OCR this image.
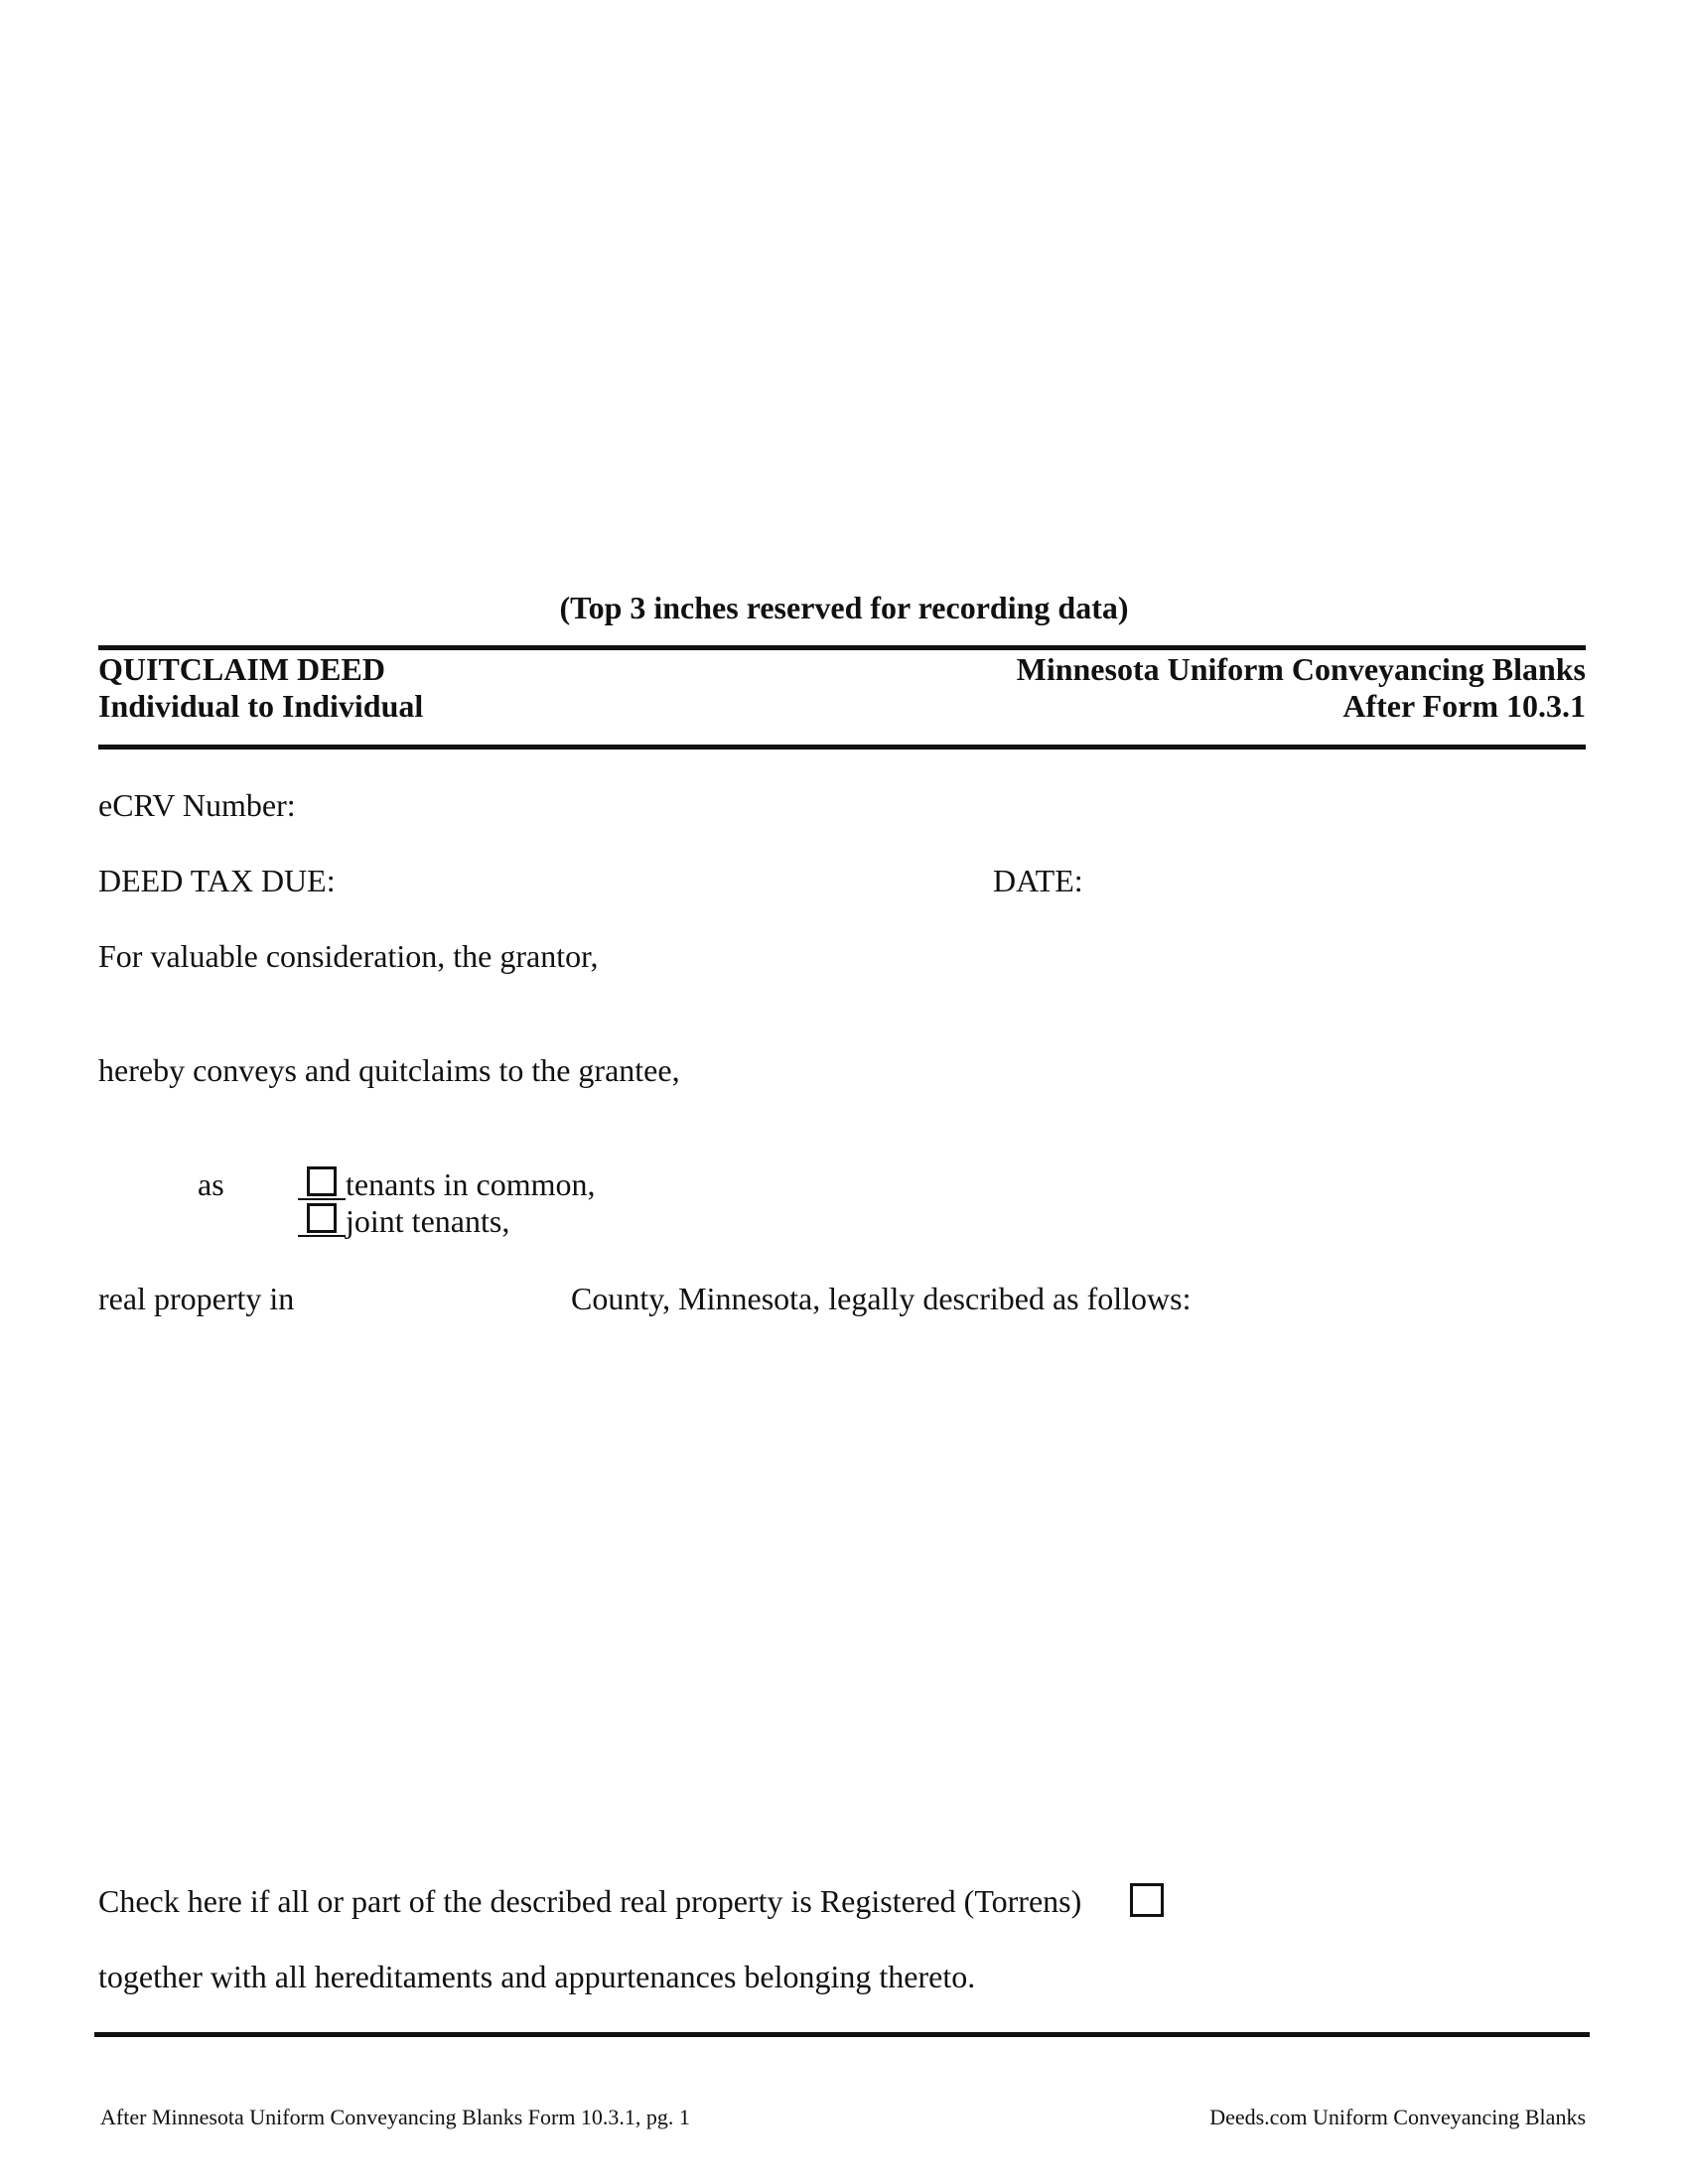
(Top 3 inches reserved for recording data)
QUITCLAIM DEED
Individual to Individual
Minnesota Uniform Conveyancing Blanks
After Form 10.3.1
eCRV Number:
DEED TAX DUE:	DATE:
For valuable consideration, the grantor,
hereby conveys and quitclaims to the grantee,
as	tenants in common,
joint tenants,
real property in	County, Minnesota, legally described as follows:
Check here if all or part of the described real property is Registered (Torrens)
together with all hereditaments and appurtenances belonging thereto.
After Minnesota Uniform Conveyancing Blanks Form 10.3.1, pg. 1	Deeds.com Uniform Conveyancing Blanks
